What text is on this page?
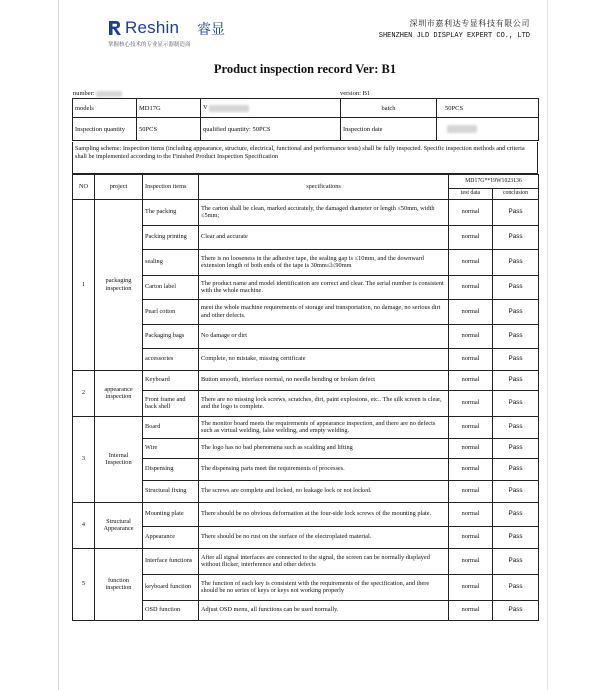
Reshin 睿显
掌握核心技术的专业显示器制造商
深圳市嘉利达专显科技有限公司
SHENZHEN JLD DISPLAY EXPERT CO., LTD
Product inspection record Ver: B1
number:	version: B1
models	MD17G	V	batch	50PCS
Inspection quantity	50PCS	qualified quantity: 50PCS	Inspection date	
Sampling scheme: Inspection items (including appearance, structure, electrical, functional and performance tests) shall be fully inspected. Specific inspection methods and criteria shall be implemented according to the Finished Product Inspection Specification
NO	project	Inspection items	specifications	MD17G**19W1023136	
				test data	conclusion
1	packaging inspection	The packing	The carton shall be clean, marked accurately, the damaged diameter or length ≤50mm, width ≤5mm;	normal	Pass
		Packing printing	Clear and accurate	normal	Pass
		sealing	There is no looseness in the adhesive tape, the sealing gap is ≤10mm, and the downward extension length of both ends of the tape is 30mm≤l≤90mm	normal	Pass
		Carton label	The product name and model identification are correct and clear. The serial number is consistent with the whole machine.	normal	Pass
		Pearl cotton	meet the whole machine requirements of storage and transportation, no damage, no serious dirt and other defects.	normal	Pass
		Packaging bags	No damage or dirt	normal	Pass
		accessories	Complete, no mistake, missing certificate	normal	Pass
2	appearance inspection	Keyboard	Button smooth, interface normal, no needle bending or broken defect	normal	Pass
		Front frame and back shell	There are no missing lock screws, scratches, dirt, paint explosions, etc.. The silk screen is clear, and the logo is complete.	normal	Pass
3	Internal Inspection	Board	The monitor board meets the requirements of appearance inspection, and there are no defects such as virtual welding, false welding, and empty welding.	normal	Pass
		Wire	The logo has no bad phenomena such as scalding and lifting	normal	Pass
		Dispensing	The dispensing parts meet the requirements of processes.	normal	Pass
		Structural fixing	The screws are complete and locked, no leakage lock or not locked.	normal	Pass
4	Structural Appearance	Mounting plate	There should be no obvious deformation at the four-side lock screws of the mounting plate.	normal	Pass
		Appearance	There should be no rust on the surface of the electroplated material.	normal	Pass
5	function inspection	Interface functions	After all signal interfaces are connected to the signal, the screen can be normally displayed without flicker, interference and other defects	normal	Pass
		keyboard function	The function of each key is consistent with the requirements of the specification, and there should be no series of keys or keys not working properly	normal	Pass
		OSD function	Adjust OSD menu, all functions can be used normally.	normal	Pass
